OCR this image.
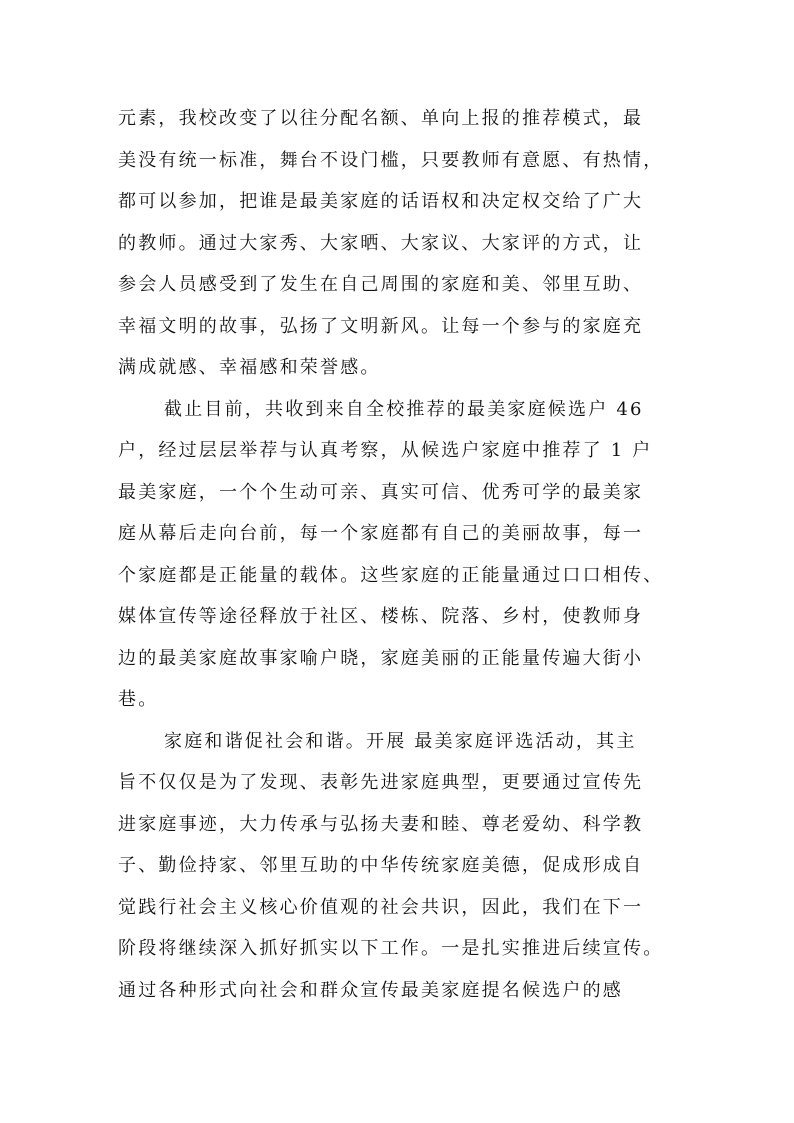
元素，我校改变了以往分配名额、单向上报的推荐模式，最
美没有统一标准，舞台不设门槛，只要教师有意愿、有热情，
都可以参加，把谁是最美家庭的话语权和决定权交给了广大
的教师。通过大家秀、大家晒、大家议、大家评的方式，让
参会人员感受到了发生在自己周围的家庭和美、邻里互助、
幸福文明的故事，弘扬了文明新风。让每一个参与的家庭充
满成就感、幸福感和荣誉感。
截止目前，共收到来自全校推荐的最美家庭候选户 46
户，经过层层举荐与认真考察，从候选户家庭中推荐了 1 户
最美家庭，一个个生动可亲、真实可信、优秀可学的最美家
庭从幕后走向台前，每一个家庭都有自己的美丽故事，每一
个家庭都是正能量的载体。这些家庭的正能量通过口口相传、
媒体宣传等途径释放于社区、楼栋、院落、乡村，使教师身
边的最美家庭故事家喻户晓，家庭美丽的正能量传遍大街小
巷。
家庭和谐促社会和谐。开展 最美家庭评选活动，其主
旨不仅仅是为了发现、表彰先进家庭典型，更要通过宣传先
进家庭事迹，大力传承与弘扬夫妻和睦、尊老爱幼、科学教
子、勤俭持家、邻里互助的中华传统家庭美德，促成形成自
觉践行社会主义核心价值观的社会共识，因此，我们在下一
阶段将继续深入抓好抓实以下工作。一是扎实推进后续宣传。
通过各种形式向社会和群众宣传最美家庭提名候选户的感
